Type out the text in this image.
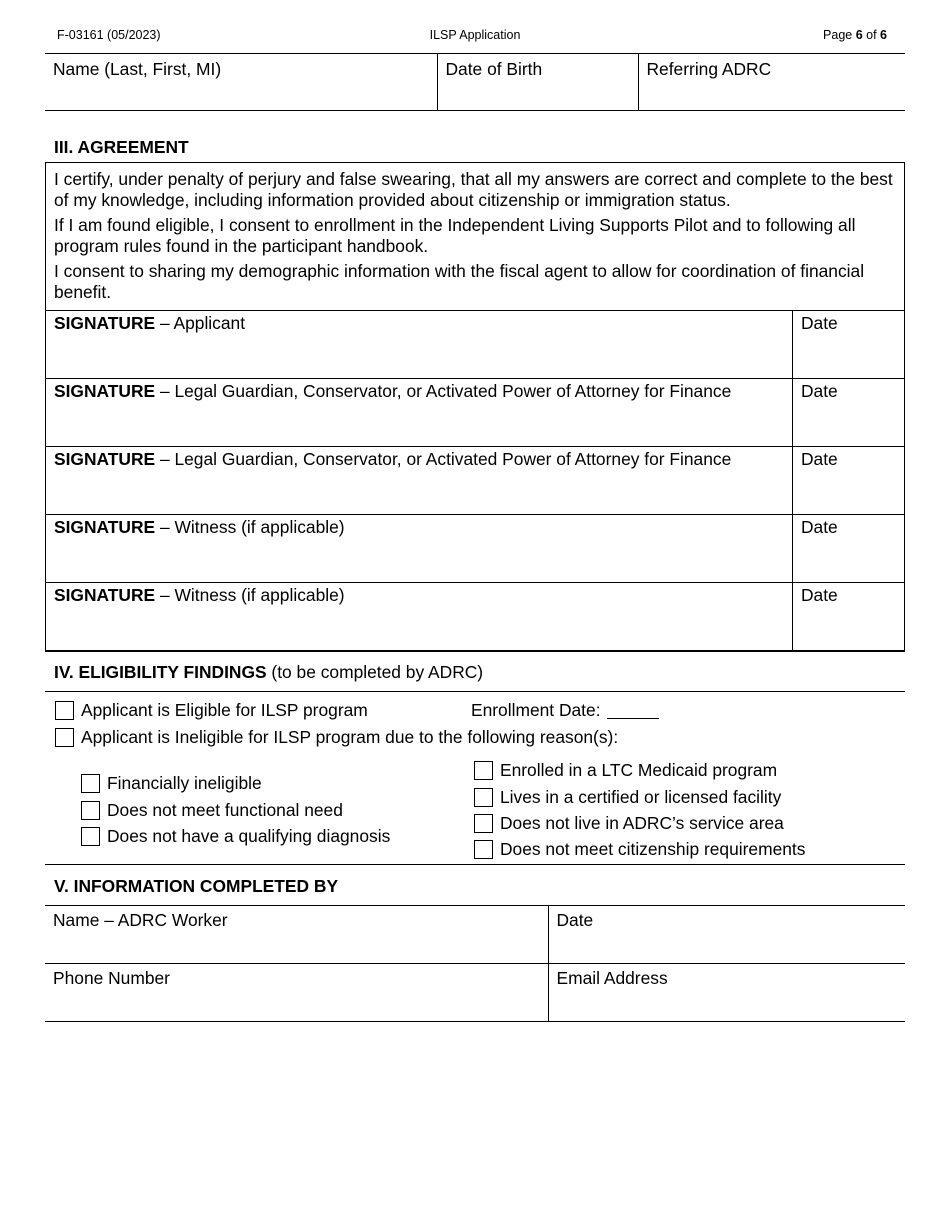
F-03161 (05/2023)	ILSP Application	Page 6 of 6
Name (Last, First, MI)	Date of Birth	Referring ADRC
III. AGREEMENT

I certify, under penalty of perjury and false swearing, that all my answers are correct and complete to the best of my knowledge, including information provided about citizenship or immigration status.

If I am found eligible, I consent to enrollment in the Independent Living Supports Pilot and to following all program rules found in the participant handbook.

I consent to sharing my demographic information with the fiscal agent to allow for coordination of financial benefit.

SIGNATURE – Applicant	Date
SIGNATURE – Legal Guardian, Conservator, or Activated Power of Attorney for Finance	Date
SIGNATURE – Legal Guardian, Conservator, or Activated Power of Attorney for Finance	Date
SIGNATURE – Witness (if applicable)	Date
SIGNATURE – Witness (if applicable)	Date
IV. ELIGIBILITY FINDINGS (to be completed by ADRC)
Applicant is Eligible for ILSP program	Enrollment Date:
Applicant is Ineligible for ILSP program due to the following reason(s):
Financially ineligible
Does not meet functional need
Does not have a qualifying diagnosis
Enrolled in a LTC Medicaid program
Lives in a certified or licensed facility
Does not live in ADRC’s service area
Does not meet citizenship requirements
V. INFORMATION COMPLETED BY
Name – ADRC Worker	Date
Phone Number	Email Address
